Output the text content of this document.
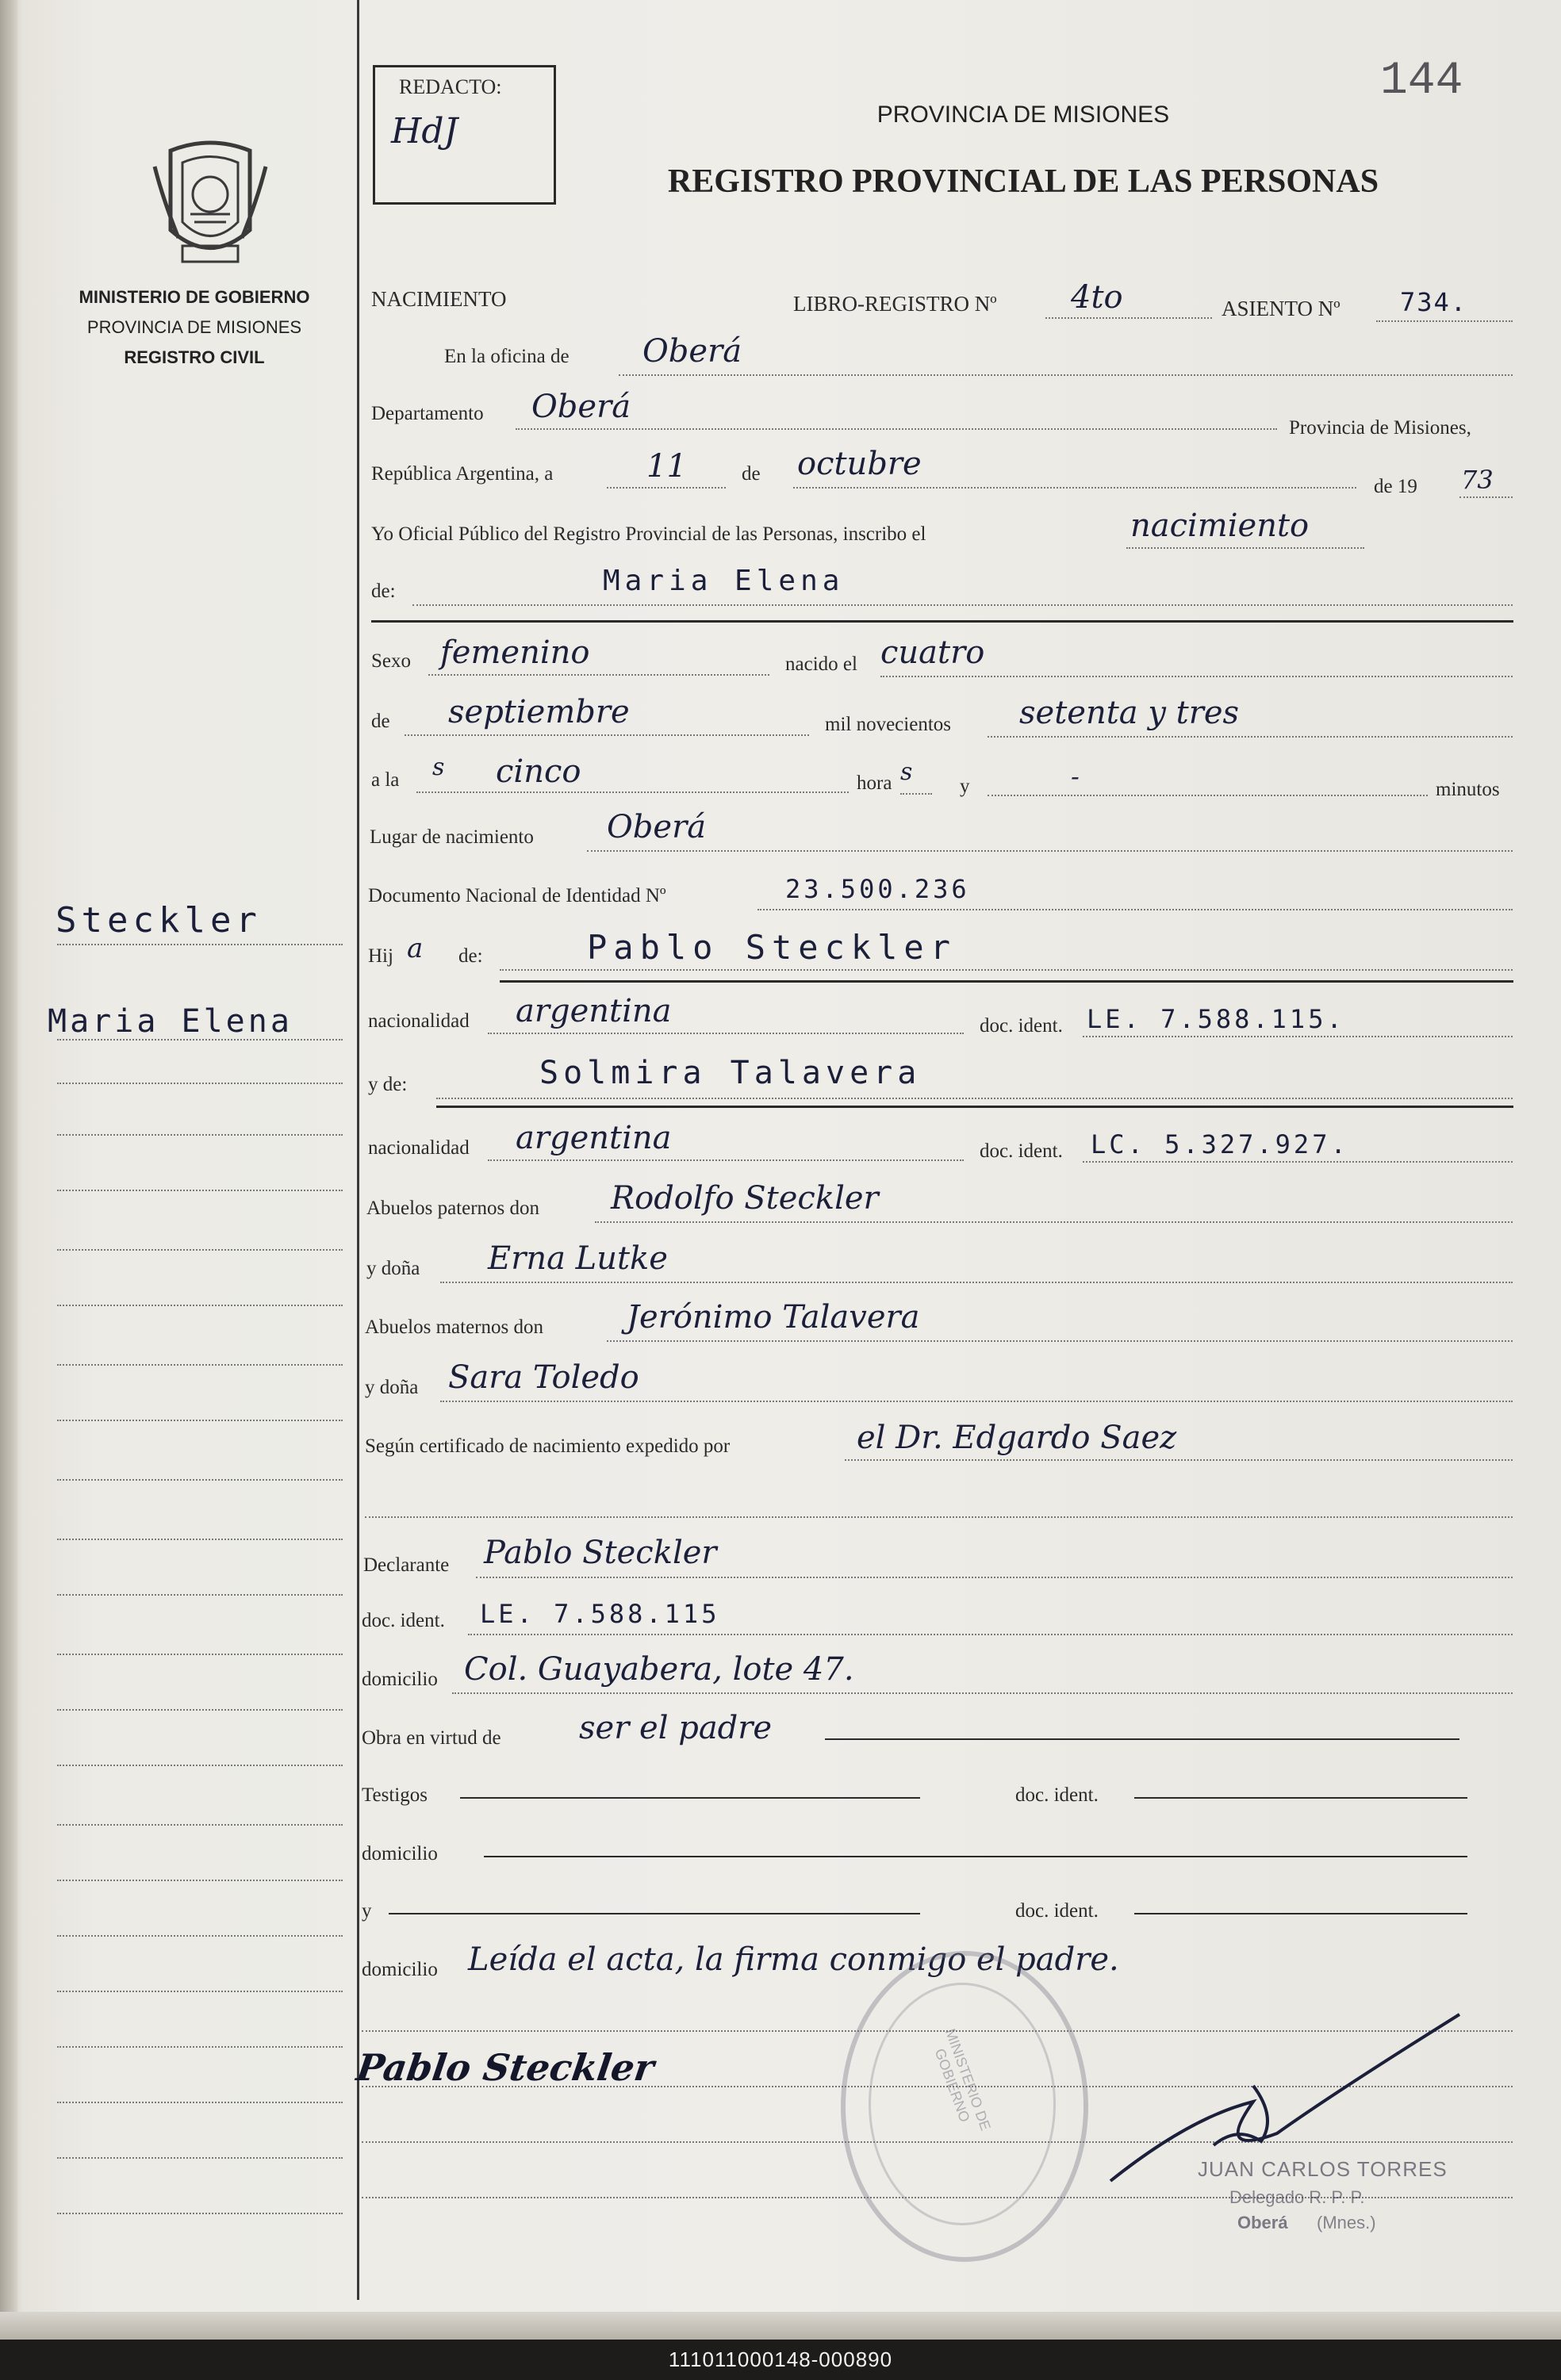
144
REDACTO:
HdJ
MINISTERIO DE GOBIERNO
PROVINCIA DE MISIONES
REGISTRO CIVIL
PROVINCIA DE MISIONES
REGISTRO PROVINCIAL DE LAS PERSONAS
Steckler
Maria Elena
NACIMIENTO	LIBRO-REGISTRO Nº 4to	ASIENTO Nº 734.
En la oficina de Oberá
Departamento Oberá
Provincia de Misiones,
República Argentina, a	11	de octubre
de 19 73
Yo Oficial Público del Registro Provincial de las Personas, inscribo el	nacimiento
de:	Maria Elena
Sexo femenino	nacido el cuatro
de septiembre	mil novecientos setenta y tres
a la s cinco	hora s
y	-	minutos
Lugar de nacimiento Oberá
Documento Nacional de Identidad Nº	23.500.236
Hij a de:	Pablo Steckler
nacionalidad argentina	doc. ident. LE. 7.588.115.
y de:	Solmira Talavera
nacionalidad argentina	doc. ident. LC. 5.327.927.
Abuelos paternos don Rodolfo Steckler
y doña Erna Lutke
Abuelos maternos don	Jerónimo Talavera
y doña Sara Toledo
Según certificado de nacimiento expedido por	el Dr. Edgardo Saez
Declarante Pablo Steckler
doc. ident. LE. 7.588.115
domicilio Col. Guayabera, lote 47.
Obra en virtud de ser el padre
Testigos	doc. ident.
domicilio
y	doc. ident.
domicilio Leída el acta, la firma conmigo el padre.
Pablo Steckler	MINISTERIO DE GOBIERNO
JUAN CARLOS TORRES
Delegado R. P. P.
Oberá (Mnes.)
111011000148-000890
